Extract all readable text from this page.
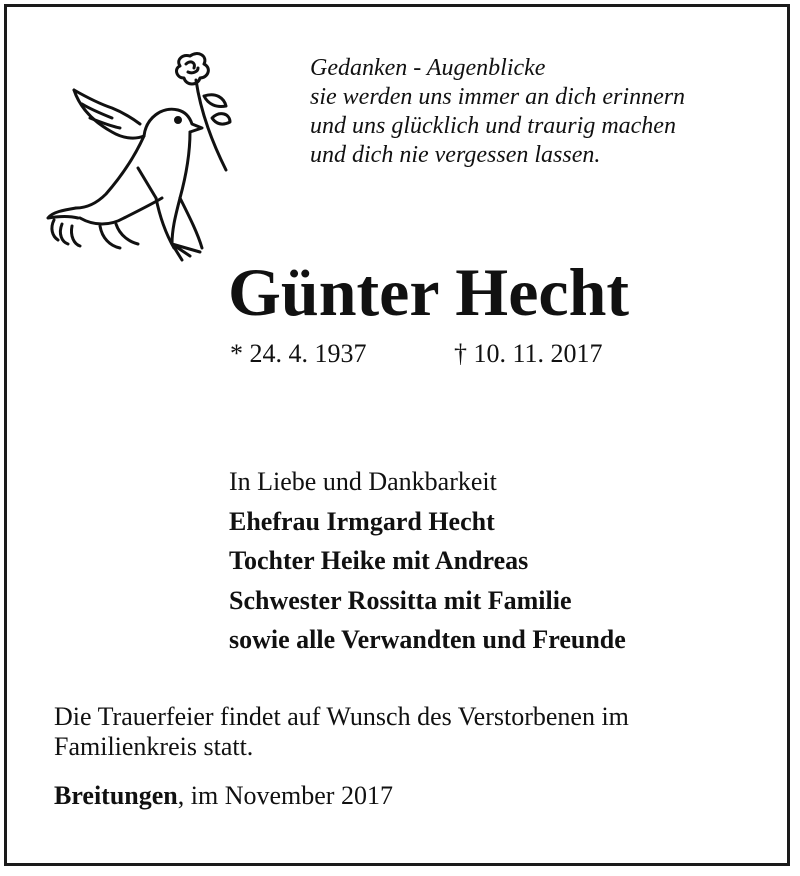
Gedanken - Augenblicke
sie werden uns immer an dich erinnern
und uns glücklich und traurig machen
und dich nie vergessen lassen.
Günter Hecht
* 24. 4. 1937	† 10. 11. 2017
In Liebe und Dankbarkeit
Ehefrau Irmgard Hecht
Tochter Heike mit Andreas
Schwester Rossitta mit Familie
sowie alle Verwandten und Freunde
Die Trauerfeier findet auf Wunsch des Verstorbenen im Familienkreis statt.
Breitungen, im November 2017
